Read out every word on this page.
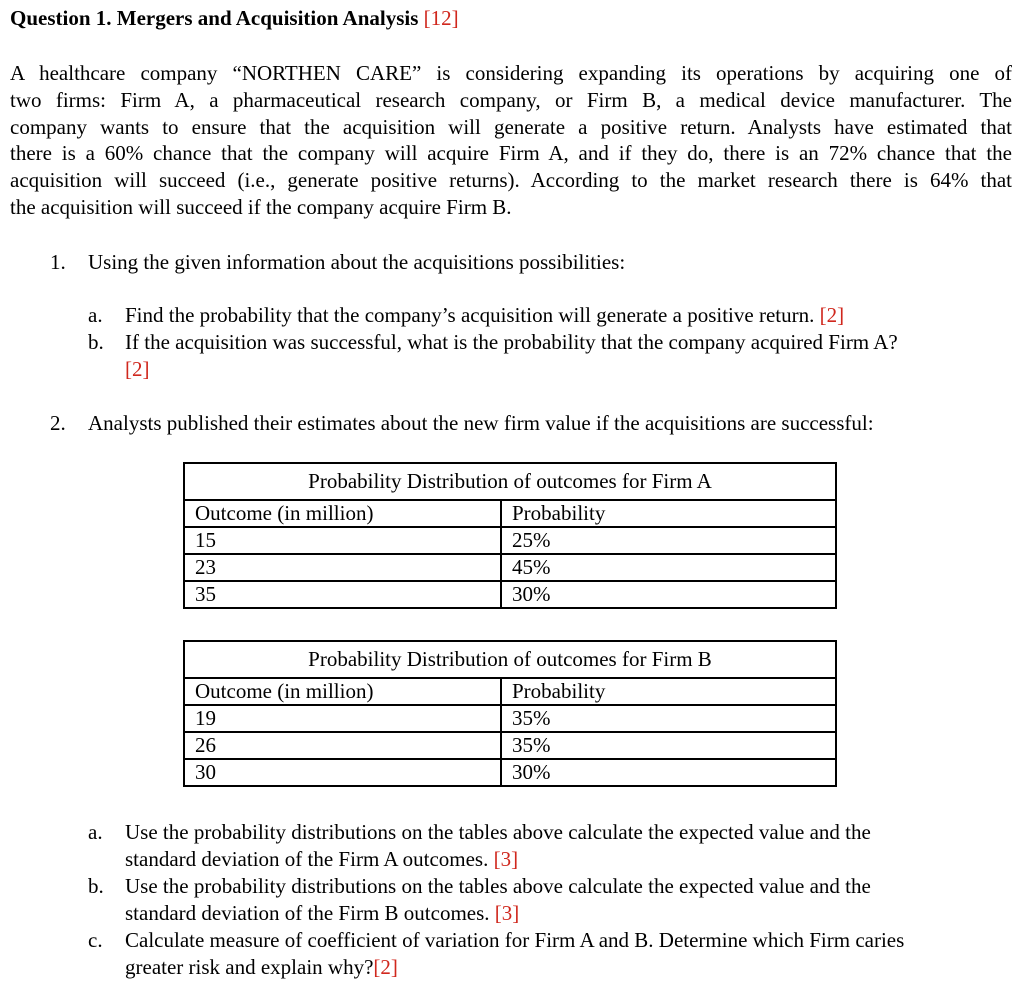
Question 1. Mergers and Acquisition Analysis [12]
A healthcare company “NORTHEN CARE” is considering expanding its operations by acquiring one of
two firms: Firm A, a pharmaceutical research company, or Firm B, a medical device manufacturer. The
company wants to ensure that the acquisition will generate a positive return. Analysts have estimated that
there is a 60% chance that the company will acquire Firm A, and if they do, there is an 72% chance that the
acquisition will succeed (i.e., generate positive returns). According to the market research there is 64% that
the acquisition will succeed if the company acquire Firm B.
1. Using the given information about the acquisitions possibilities:
a. Find the probability that the company’s acquisition will generate a positive return. [2]
b. If the acquisition was successful, what is the probability that the company acquired Firm A?
[2]
2. Analysts published their estimates about the new firm value if the acquisitions are successful:
Probability Distribution of outcomes for Firm A	
Outcome (in million)	Probability
15	25%
23	45%
35	30%
Probability Distribution of outcomes for Firm B	
Outcome (in million)	Probability
19	35%
26	35%
30	30%
a. Use the probability distributions on the tables above calculate the expected value and the
standard deviation of the Firm A outcomes. [3]
b. Use the probability distributions on the tables above calculate the expected value and the
standard deviation of the Firm B outcomes. [3]
c. Calculate measure of coefficient of variation for Firm A and B. Determine which Firm caries
greater risk and explain why?[2]
